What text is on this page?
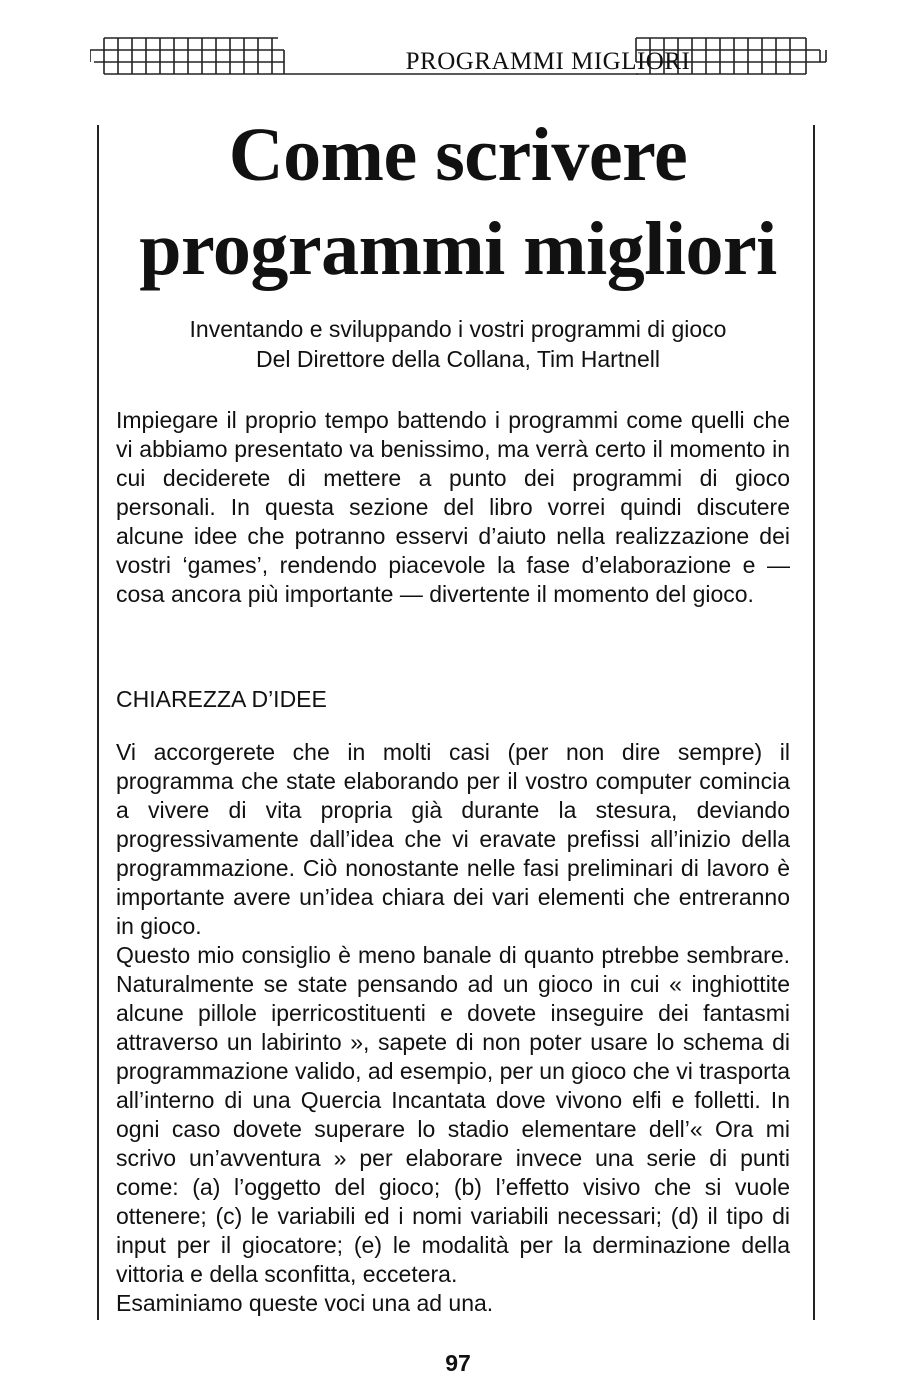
PROGRAMMI MIGLIORI
Come scrivere
programmi migliori
Inventando e sviluppando i vostri programmi di gioco
Del Direttore della Collana, Tim Hartnell

Impiegare il proprio tempo battendo i programmi come quelli che vi abbiamo presentato va benissimo, ma verrà certo il momento in cui deciderete di mettere a punto dei programmi di gioco personali. In questa sezione del libro vorrei quindi discutere alcune idee che potranno esservi d’aiuto nella realizzazione dei vostri ‘games’, rendendo piacevole la fase d’elaborazione e — cosa ancora più importante — divertente il momento del gioco.

CHIAREZZA D’IDEE

Vi accorgerete che in molti casi (per non dire sempre) il programma che state elaborando per il vostro computer comincia a vivere di vita propria già durante la stesura, deviando progressivamente dall’idea che vi eravate prefissi all’inizio della programmazione. Ciò nonostante nelle fasi preliminari di lavoro è importante avere un’idea chiara dei vari elementi che entreranno in gioco.

Questo mio consiglio è meno banale di quanto ptrebbe sembrare. Naturalmente se state pensando ad un gioco in cui « inghiottite alcune pillole iperricostituenti e dovete inseguire dei fantasmi attraverso un labirinto », sapete di non poter usare lo schema di programmazione valido, ad esempio, per un gioco che vi trasporta all’interno di una Quercia Incantata dove vivono elfi e folletti. In ogni caso dovete superare lo stadio elementare dell’« Ora mi scrivo un’avventura » per elaborare invece una serie di punti come: (a) l’oggetto del gioco; (b) l’effetto visivo che si vuole ottenere; (c) le variabili ed i nomi variabili necessari; (d) il tipo di input per il giocatore; (e) le modalità per la derminazione della vittoria e della sconfitta, eccetera.

Esaminiamo queste voci una ad una.

97
